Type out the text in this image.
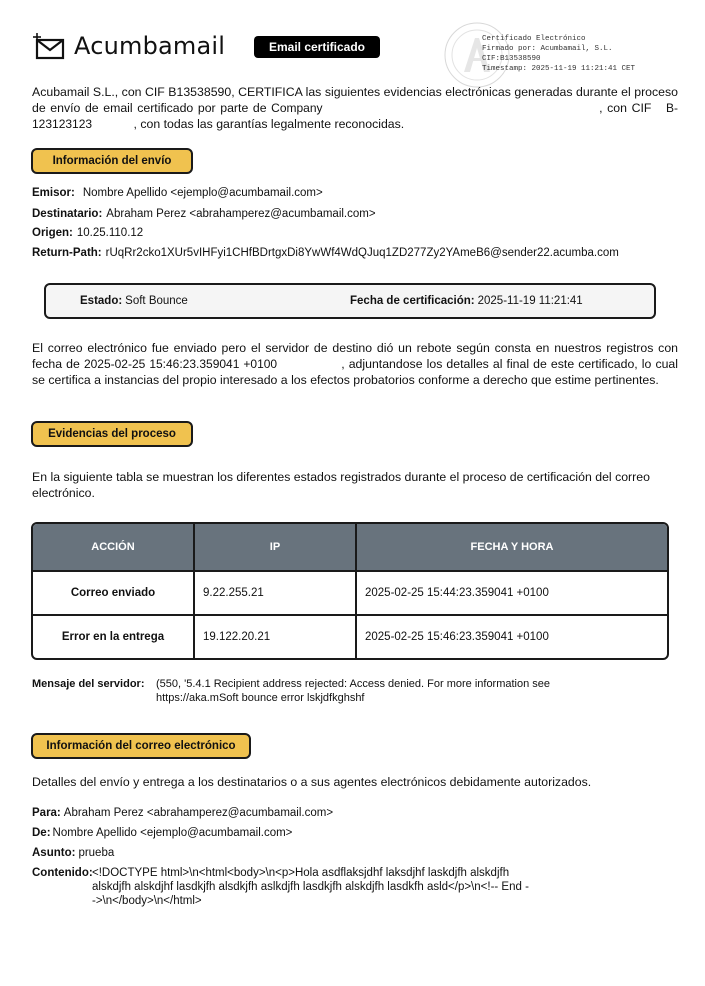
Acumbamail	Email certificado
Certificado Electrónico
Firmado por: Acumbamail, S.L.
CIF:B13538590
Timestamp: 2025-11-19 11:21:41 CET
Acubamail S.L., con CIF B13538590, CERTIFICA las siguientes evidencias electrónicas generadas durante el proceso de envío de email certificado por parte de Company	, con CIF B-123123123	, con todas las garantías legalmente reconocidas.
Información del envío
Emisor: Nombre Apellido <ejemplo@acumbamail.com>
Destinatario: Abraham Perez <abrahamperez@acumbamail.com>
Origen: 10.25.110.12
Return-Path: rUqRr2cko1XUr5vIHFyi1CHfBDrtgxDi8YwWf4WdQJuq1ZD277Zy2YAmeB6@sender22.acumba.com
Estado: Soft Bounce	Fecha de certificación: 2025-11-19 11:21:41
El correo electrónico fue enviado pero el servidor de destino dió un rebote según consta en nuestros registros con fecha de 2025-02-25 15:46:23.359041 +0100	, adjuntandose los detalles al final de este certificado, lo cual se certifica a instancias del propio interesado a los efectos probatorios conforme a derecho que estime pertinentes.
Evidencias del proceso
En la siguiente tabla se muestran los diferentes estados registrados durante el proceso de certificación del correo electrónico.
ACCIÓN	IP	FECHA Y HORA
Correo enviado	9.22.255.21	2025-02-25 15:44:23.359041 +0100
Error en la entrega	19.122.20.21	2025-02-25 15:46:23.359041 +0100
Mensaje del servidor: (550, '5.4.1 Recipient address rejected: Access denied. For more information see https://aka.mSoft bounce error lskjdfkghshf
Información del correo electrónico
Detalles del envío y entrega a los destinatarios o a sus agentes electrónicos debidamente autorizados.
Para: Abraham Perez <abrahamperez@acumbamail.com>
De: Nombre Apellido <ejemplo@acumbamail.com>
Asunto: prueba
Contenido: <!DOCTYPE html>\n<html<body>\n<p>Hola asdflaksjdhf laksdjhf laskdjfh alskdjfh alskdjfh alskdjhf lasdkjfh alsdkjfh aslkdjfh lasdkjfh alskdjfh lasdkfh asld</p>\n<!-- End -->\n</body>\n</html>
